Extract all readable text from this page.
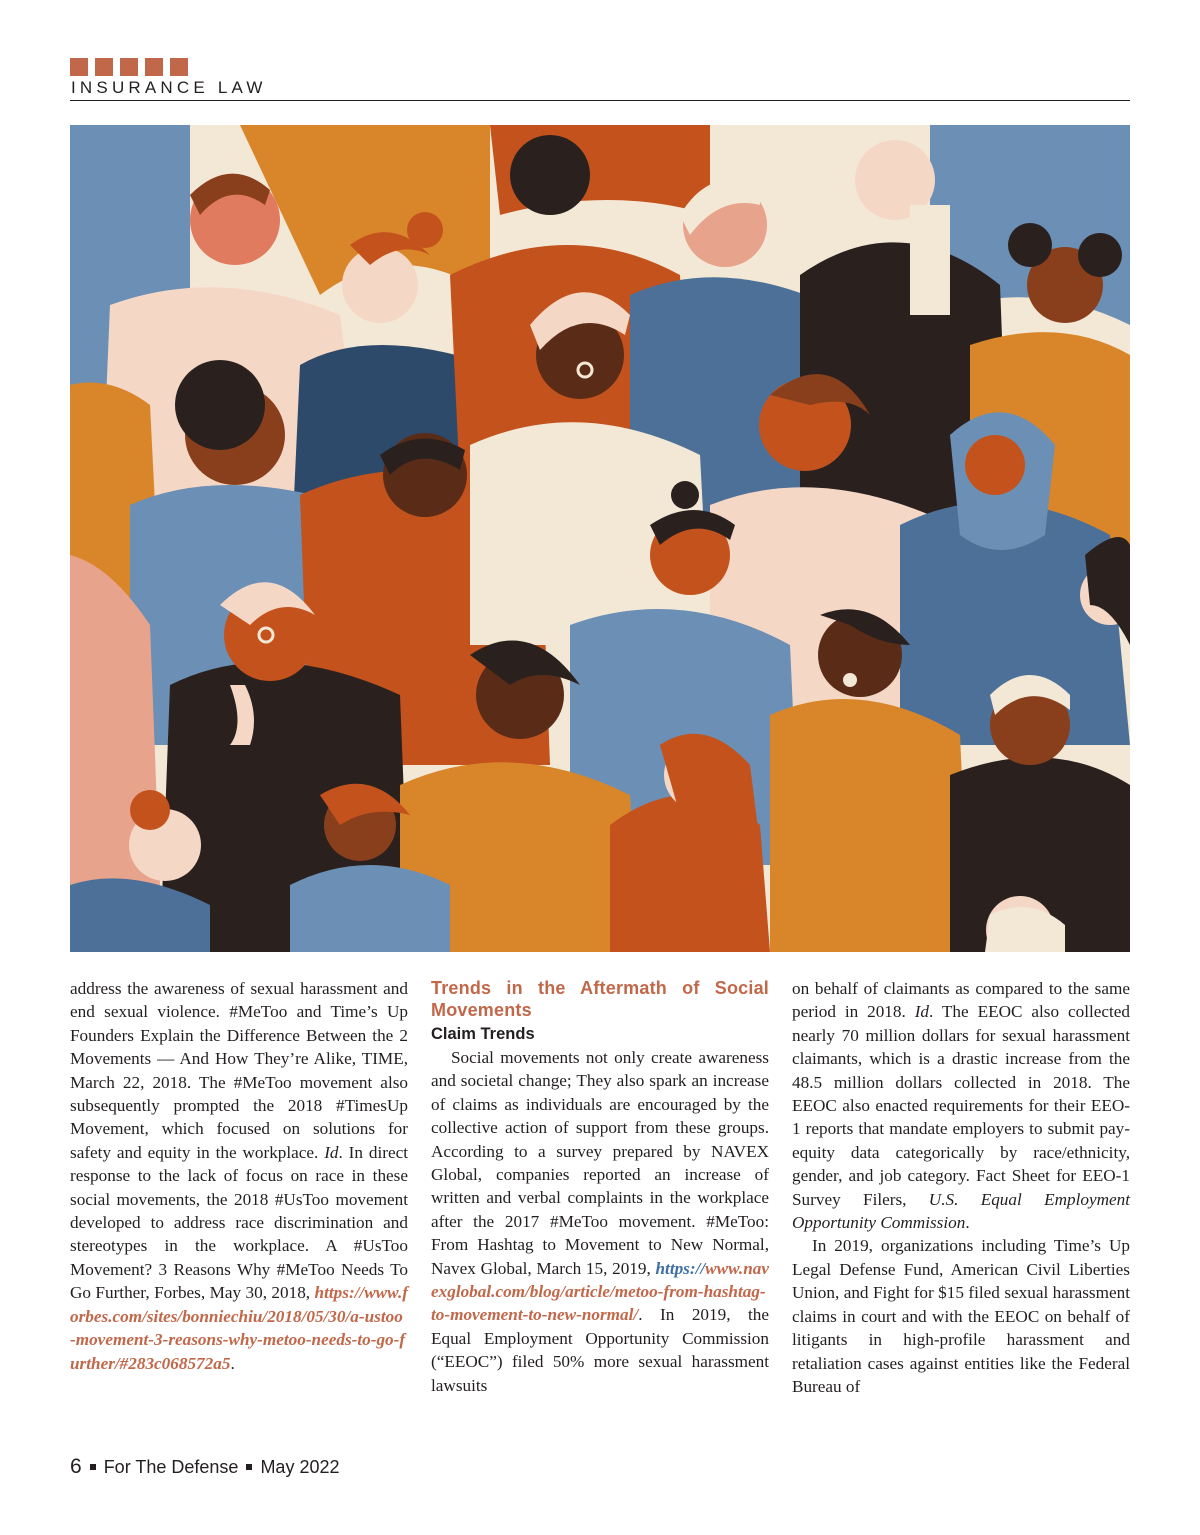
INSURANCE LAW

address the awareness of sexual harassment and end sexual violence. #MeToo and Time’s Up Founders Explain the Difference Between the 2 Movements — And How They’re Alike, TIME, March 22, 2018. The #MeToo movement also subsequently prompted the 2018 #TimesUp Movement, which focused on solutions for safety and equity in the workplace. Id. In direct response to the lack of focus on race in these social movements, the 2018 #UsToo movement developed to address race discrimination and stereotypes in the workplace. A #UsToo Movement? 3 Reasons Why #MeToo Needs To Go Further, Forbes, May 30, 2018, https://www.forbes.com/sites/bonniechiu/2018/05/30/a-ustoo-movement-3-reasons-why-metoo-needs-to-go-further/#283c068572a5.

Trends in the Aftermath of Social Movements
Claim Trends

Social movements not only create awareness and societal change; They also spark an increase of claims as individuals are encouraged by the collective action of support from these groups. According to a survey prepared by NAVEX Global, companies reported an increase of written and verbal complaints in the workplace after the 2017 #MeToo movement. #MeToo: From Hashtag to Movement to New Normal, Navex Global, March 15, 2019, https://www.navexglobal.com/blog/article/metoo-from-hashtag-to-movement-to-new-normal/. In 2019, the Equal Employment Opportunity Commission (“EEOC”) filed 50% more sexual harassment lawsuits

on behalf of claimants as compared to the same period in 2018. Id. The EEOC also collected nearly 70 million dollars for sexual harassment claimants, which is a drastic increase from the 48.5 million dollars collected in 2018. The EEOC also enacted requirements for their EEO-1 reports that mandate employers to submit pay-equity data categorically by race/ethnicity, gender, and job category. Fact Sheet for EEO-1 Survey Filers, U.S. Equal Employment Opportunity Commission.

In 2019, organizations including Time’s Up Legal Defense Fund, American Civil Liberties Union, and Fight for $15 filed sexual harassment claims in court and with the EEOC on behalf of litigants in high-profile harassment and retaliation cases against entities like the Federal Bureau of

6 For The Defense May 2022
